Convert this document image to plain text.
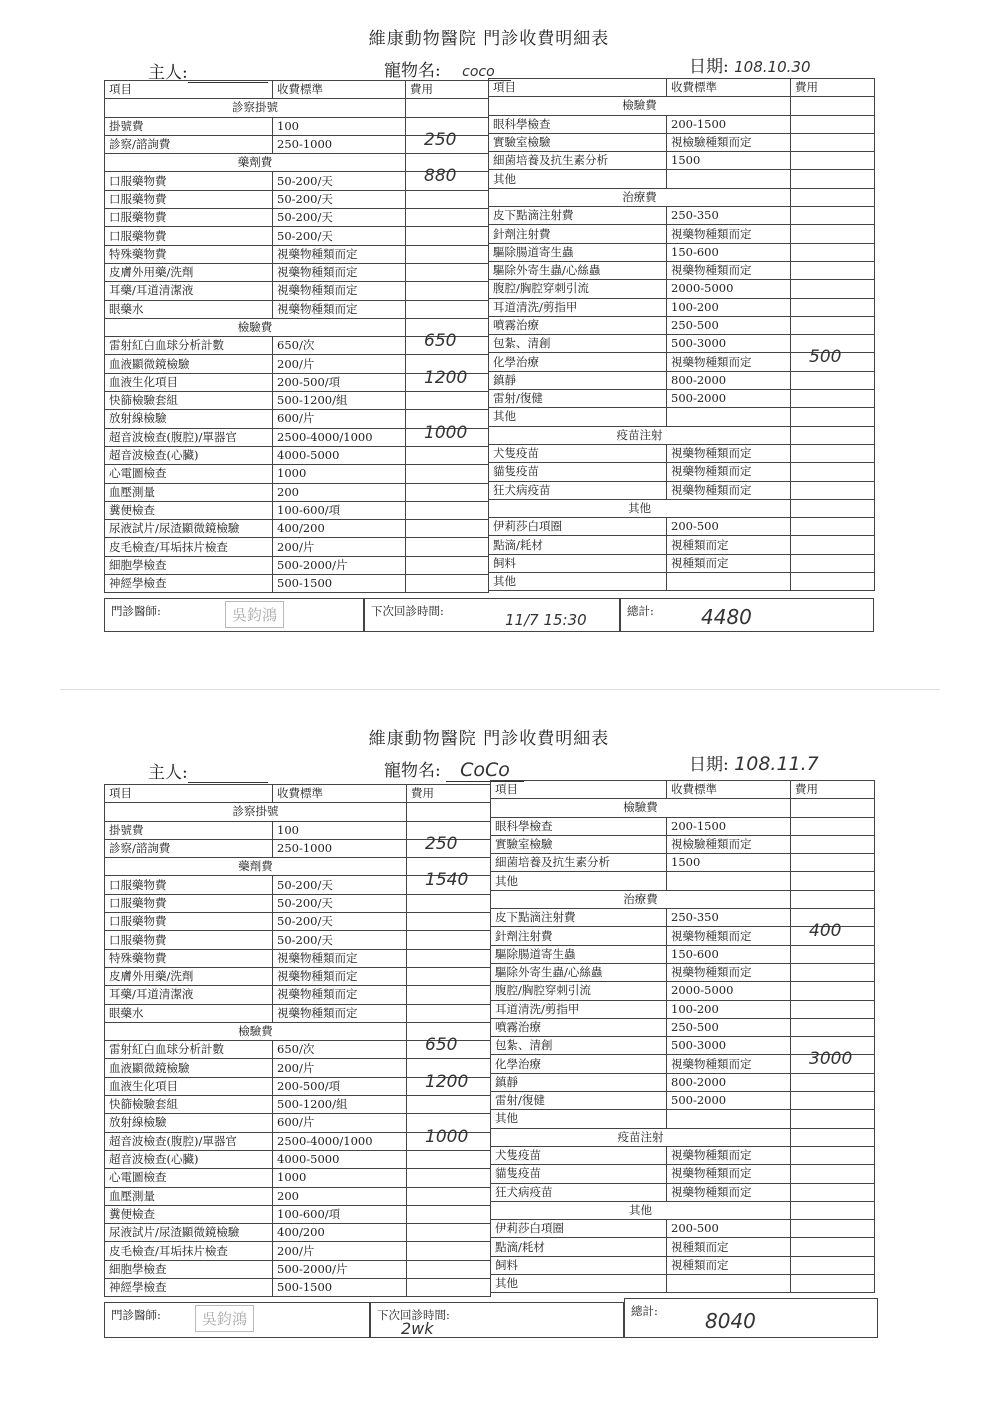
維康動物醫院 門診收費明細表
主人:	寵物名: coco	日期: 108.10.30
項目	收費標準	費用
診察掛號		
掛號費	100	

診察/諮詢費	250-1000	250

藥劑費		
口服藥物費	50-200/天	880

口服藥物費	50-200/天	

口服藥物費	50-200/天	

口服藥物費	50-200/天	

特殊藥物費	視藥物種類而定	

皮膚外用藥/洗劑	視藥物種類而定	

耳藥/耳道清潔液	視藥物種類而定	

眼藥水	視藥物種類而定	

檢驗費		
雷射紅白血球分析計數	650/次	650

血液顯微鏡檢驗	200/片	

血液生化項目	200-500/項	1200

快篩檢驗套組	500-1200/組	

放射線檢驗	600/片	

超音波檢查(腹腔)/單器官	2500-4000/1000	1000

超音波檢查(心臟)	4000-5000	

心電圖檢查	1000	

血壓測量	200	

糞便檢查	100-600/項	

尿液試片/尿渣顯微鏡檢驗	400/200	

皮毛檢查/耳垢抹片檢查	200/片	

細胞學檢查	500-2000/片	

神經學檢查	500-1500	
項目	收費標準	費用
檢驗費		
眼科學檢查	200-1500	

實驗室檢驗	視檢驗種類而定	

細菌培養及抗生素分析	1500	

其他		

治療費		
皮下點滴注射費	250-350	

針劑注射費	視藥物種類而定	

驅除腸道寄生蟲	150-600	

驅除外寄生蟲/心絲蟲	視藥物種類而定	

腹腔/胸腔穿刺引流	2000-5000	

耳道清洗/剪指甲	100-200	

噴霧治療	250-500	

包紮、清創	500-3000	

化學治療	視藥物種類而定	500

鎮靜	800-2000	

雷射/復健	500-2000	

其他		

疫苗注射		
犬隻疫苗	視藥物種類而定	

貓隻疫苗	視藥物種類而定	

狂犬病疫苗	視藥物種類而定	

其他		
伊莉莎白項圈	200-500	

點滴/耗材	視種類而定	

飼料	視種類而定	

其他		
門診醫師:	吳鈞鴻	下次回診時間:	11/7 15:30	總計: 4480
維康動物醫院 門診收費明細表
主人:	寵物名: CoCo	日期: 108.11.7
項目	收費標準	費用
診察掛號		
掛號費	100	

診察/諮詢費	250-1000	250

藥劑費		
口服藥物費	50-200/天	1540

口服藥物費	50-200/天	

口服藥物費	50-200/天	

口服藥物費	50-200/天	

特殊藥物費	視藥物種類而定	

皮膚外用藥/洗劑	視藥物種類而定	

耳藥/耳道清潔液	視藥物種類而定	

眼藥水	視藥物種類而定	

檢驗費		
雷射紅白血球分析計數	650/次	650

血液顯微鏡檢驗	200/片	

血液生化項目	200-500/項	1200

快篩檢驗套組	500-1200/組	

放射線檢驗	600/片	

超音波檢查(腹腔)/單器官	2500-4000/1000	1000

超音波檢查(心臟)	4000-5000	

心電圖檢查	1000	

血壓測量	200	

糞便檢查	100-600/項	

尿液試片/尿渣顯微鏡檢驗	400/200	

皮毛檢查/耳垢抹片檢查	200/片	

細胞學檢查	500-2000/片	

神經學檢查	500-1500	
項目	收費標準	費用
檢驗費		
眼科學檢查	200-1500	

實驗室檢驗	視檢驗種類而定	

細菌培養及抗生素分析	1500	

其他		

治療費		
皮下點滴注射費	250-350	

針劑注射費	視藥物種類而定	400

驅除腸道寄生蟲	150-600	

驅除外寄生蟲/心絲蟲	視藥物種類而定	

腹腔/胸腔穿刺引流	2000-5000	

耳道清洗/剪指甲	100-200	

噴霧治療	250-500	

包紮、清創	500-3000	

化學治療	視藥物種類而定	3000

鎮靜	800-2000	

雷射/復健	500-2000	

其他		

疫苗注射		
犬隻疫苗	視藥物種類而定	

貓隻疫苗	視藥物種類而定	

狂犬病疫苗	視藥物種類而定	

其他		
伊莉莎白項圈	200-500	

點滴/耗材	視種類而定	

飼料	視種類而定	

其他		
門診醫師:	吳鈞鴻	下次回診時間:
2wk
總計: 8040
